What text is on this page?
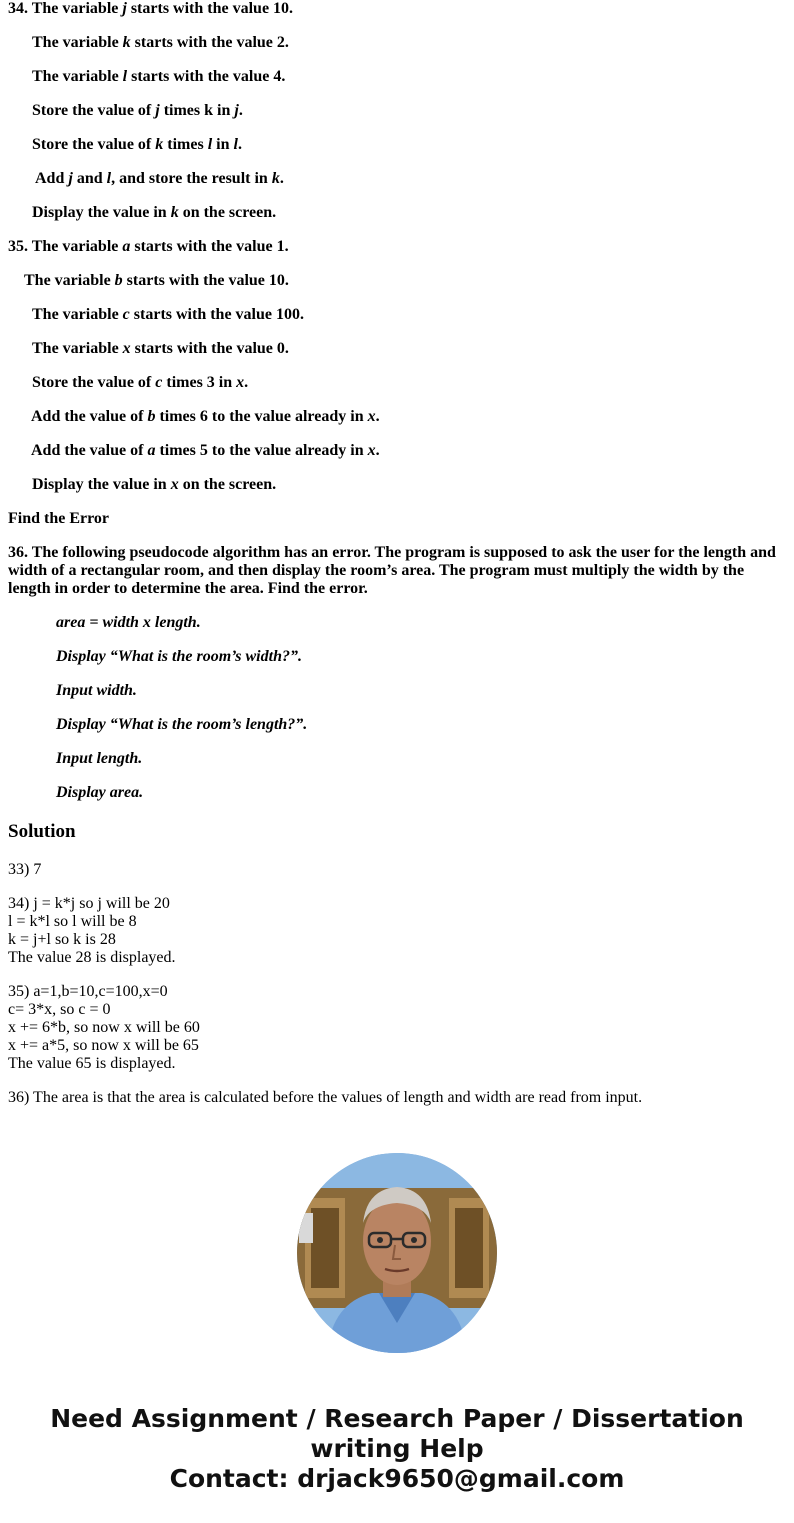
34. The variable j starts with the value 10.
The variable k starts with the value 2.
The variable l starts with the value 4.
Store the value of j times k in j.
Store the value of k times l in l.
Add j and l, and store the result in k.
Display the value in k on the screen.
35. The variable a starts with the value 1.
The variable b starts with the value 10.
The variable c starts with the value 100.
The variable x starts with the value 0.
Store the value of c times 3 in x.
Add the value of b times 6 to the value already in x.
Add the value of a times 5 to the value already in x.
Display the value in x on the screen.
Find the Error
36. The following pseudocode algorithm has an error. The program is supposed to ask the user for the length and width of a rectangular room, and then display the room’s area. The program must multiply the width by the length in order to determine the area. Find the error.
area = width x length.
Display “What is the room’s width?”.
Input width.
Display “What is the room’s length?”.
Input length.
Display area.
Solution
33) 7
34) j = k*j so j will be 20
l = k*l so l will be 8
k = j+l so k is 28
The value 28 is displayed.
35) a=1,b=10,c=100,x=0
c= 3*x, so c = 0
x += 6*b, so now x will be 60
x += a*5, so now x will be 65
The value 65 is displayed.
36) The area is that the area is calculated before the values of length and width are read from input.
Need Assignment / Research Paper / Dissertation
writing Help
Contact: drjack9650@gmail.com
